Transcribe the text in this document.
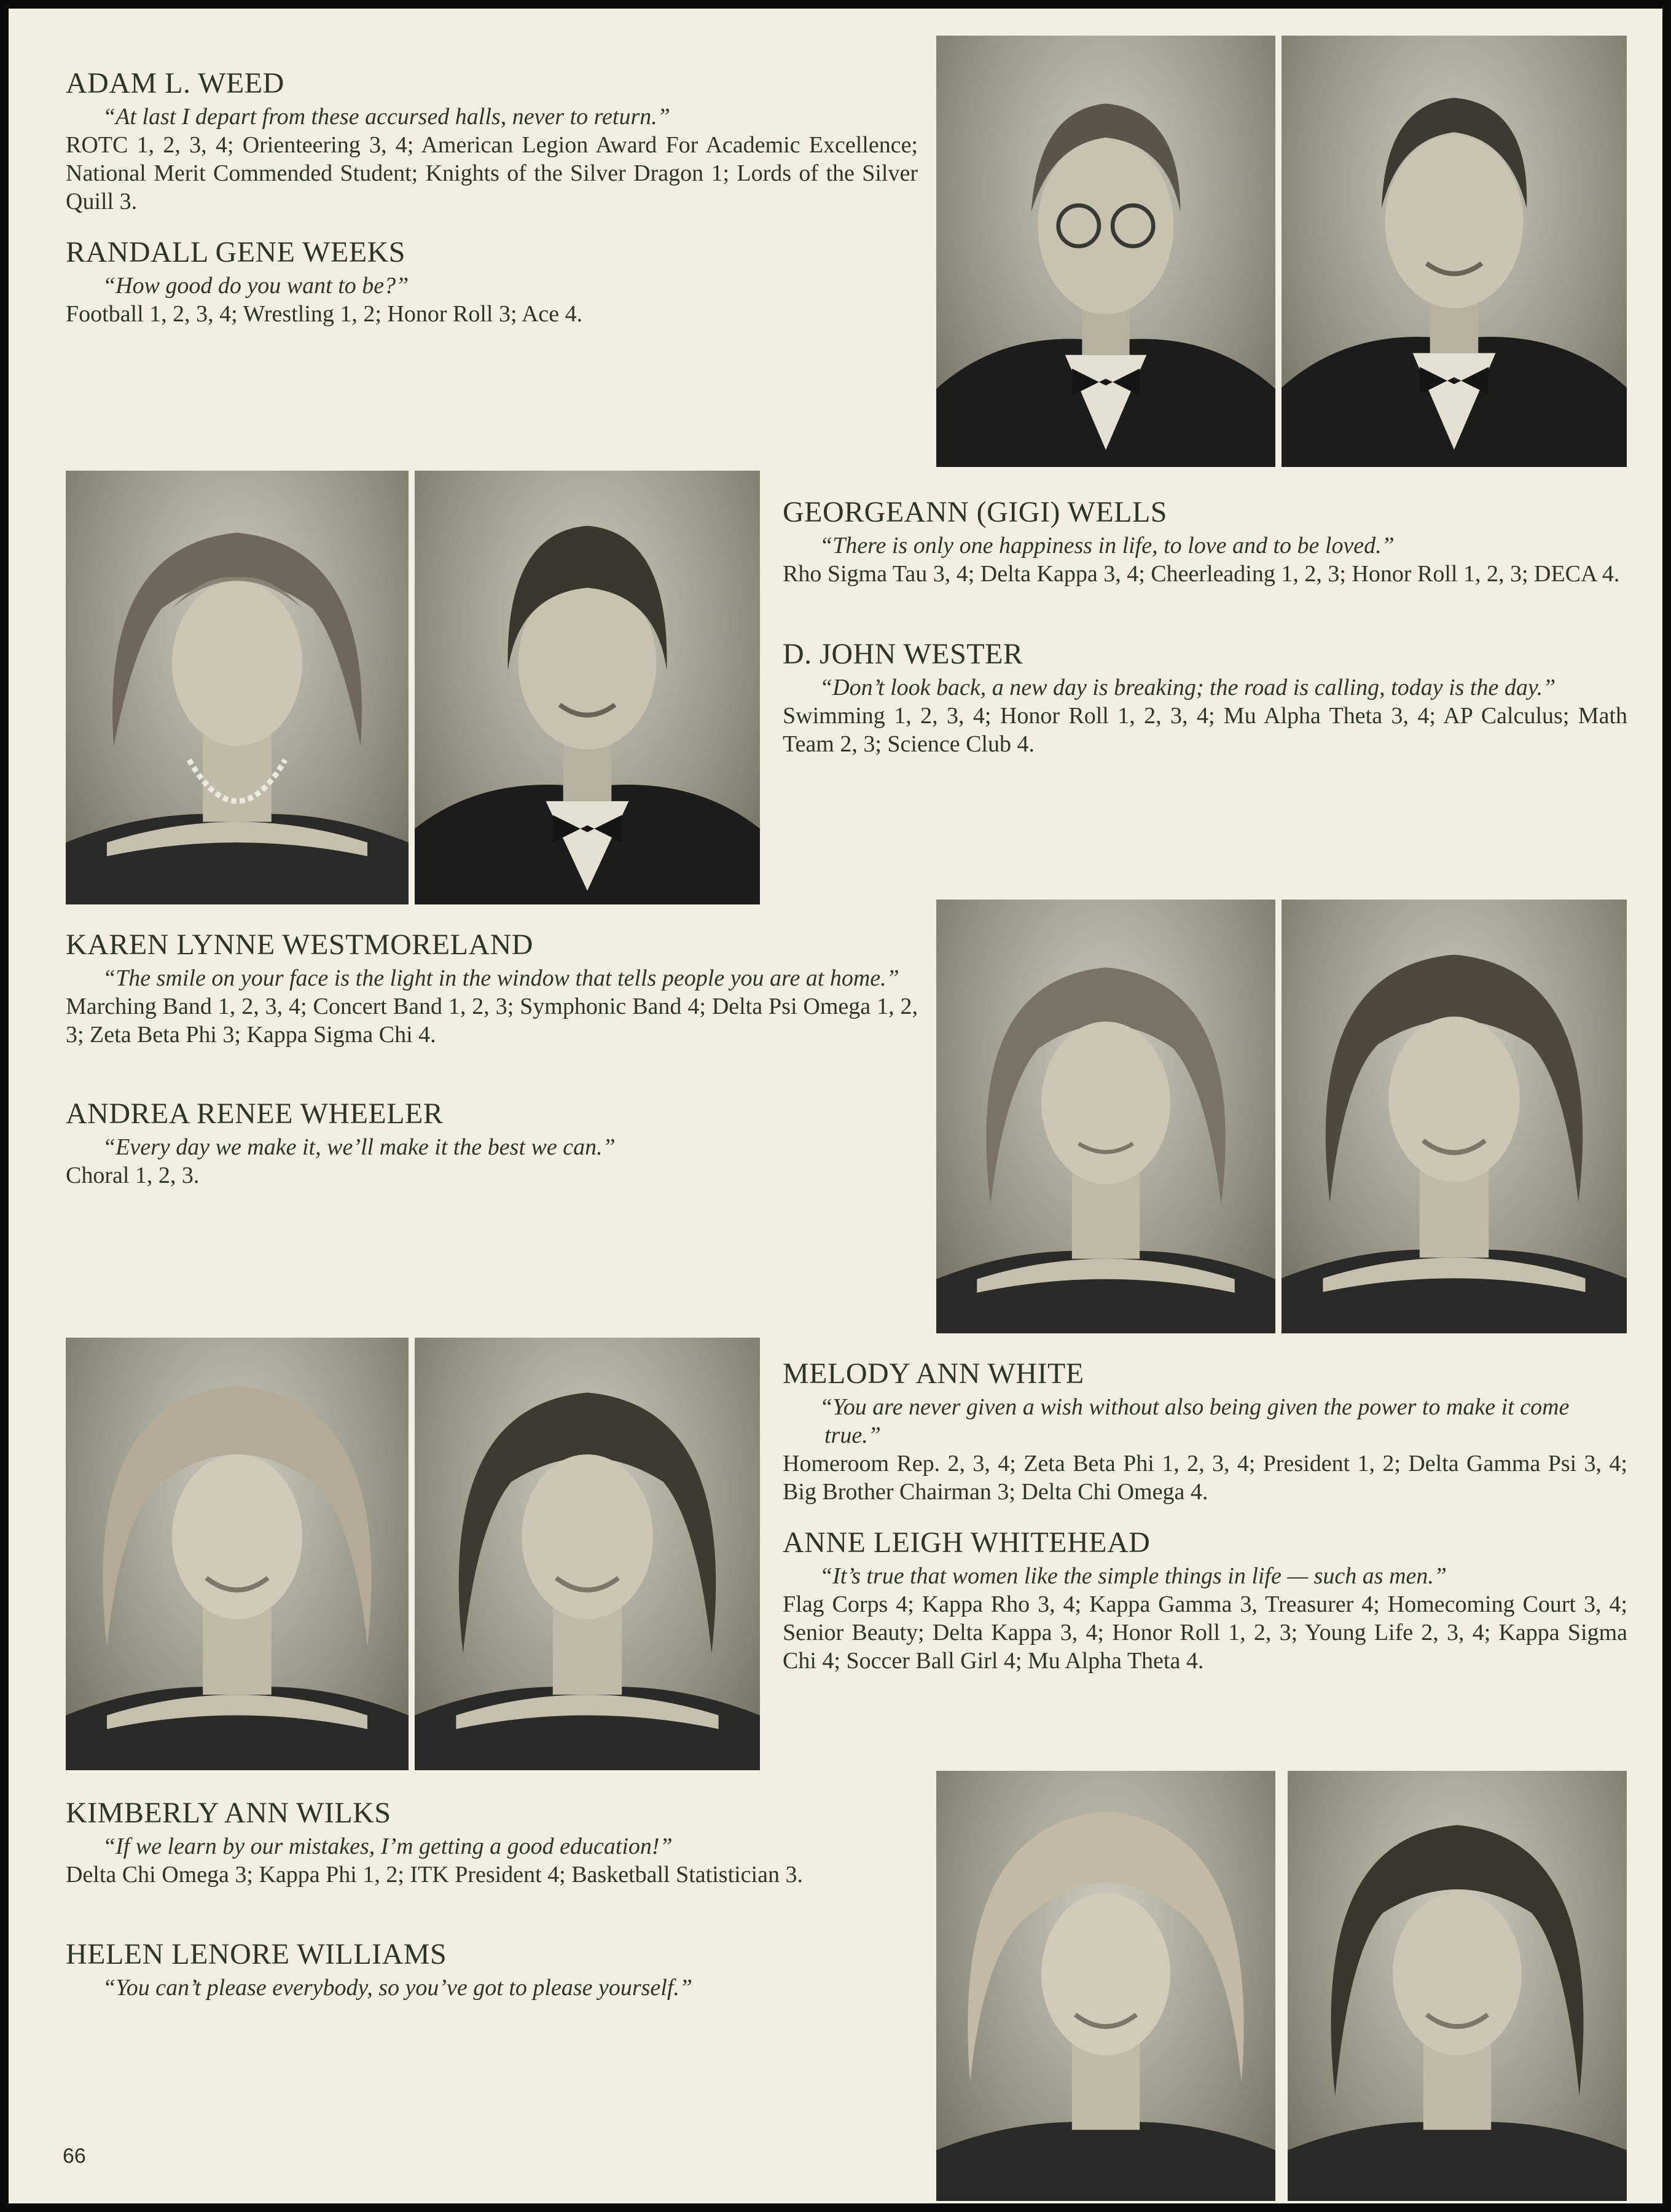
ADAM L. WEED
“At last I depart from these accursed halls, never to return.”
ROTC 1, 2, 3, 4; Orienteering 3, 4; American Legion Award For Academic Excellence; National Merit Commended Student; Knights of the Silver Dragon 1; Lords of the Silver Quill 3.
RANDALL GENE WEEKS
“How good do you want to be?”
Football 1, 2, 3, 4; Wrestling 1, 2; Honor Roll 3; Ace 4.
GEORGEANN (GIGI) WELLS
“There is only one happiness in life, to love and to be loved.”
Rho Sigma Tau 3, 4; Delta Kappa 3, 4; Cheerleading 1, 2, 3; Honor Roll 1, 2, 3; DECA 4.
D. JOHN WESTER
“Don’t look back, a new day is breaking; the road is calling, today is the day.”
Swimming 1, 2, 3, 4; Honor Roll 1, 2, 3, 4; Mu Alpha Theta 3, 4; AP Calculus; Math Team 2, 3; Science Club 4.
KAREN LYNNE WESTMORELAND
“The smile on your face is the light in the window that tells people you are at home.”
Marching Band 1, 2, 3, 4; Concert Band 1, 2, 3; Symphonic Band 4; Delta Psi Omega 1, 2, 3; Zeta Beta Phi 3; Kappa Sigma Chi 4.
ANDREA RENEE WHEELER
“Every day we make it, we’ll make it the best we can.”
Choral 1, 2, 3.
MELODY ANN WHITE
“You are never given a wish without also being given the power to make it come true.”
Homeroom Rep. 2, 3, 4; Zeta Beta Phi 1, 2, 3, 4; President 1, 2; Delta Gamma Psi 3, 4; Big Brother Chairman 3; Delta Chi Omega 4.
ANNE LEIGH WHITEHEAD
“It’s true that women like the simple things in life — such as men.”
Flag Corps 4; Kappa Rho 3, 4; Kappa Gamma 3, Treasurer 4; Homecoming Court 3, 4; Senior Beauty; Delta Kappa 3, 4; Honor Roll 1, 2, 3; Young Life 2, 3, 4; Kappa Sigma Chi 4; Soccer Ball Girl 4; Mu Alpha Theta 4.
KIMBERLY ANN WILKS
“If we learn by our mistakes, I’m getting a good education!”
Delta Chi Omega 3; Kappa Phi 1, 2; ITK President 4; Basketball Statistician 3.
HELEN LENORE WILLIAMS
“You can’t please everybody, so you’ve got to please yourself.”
66
